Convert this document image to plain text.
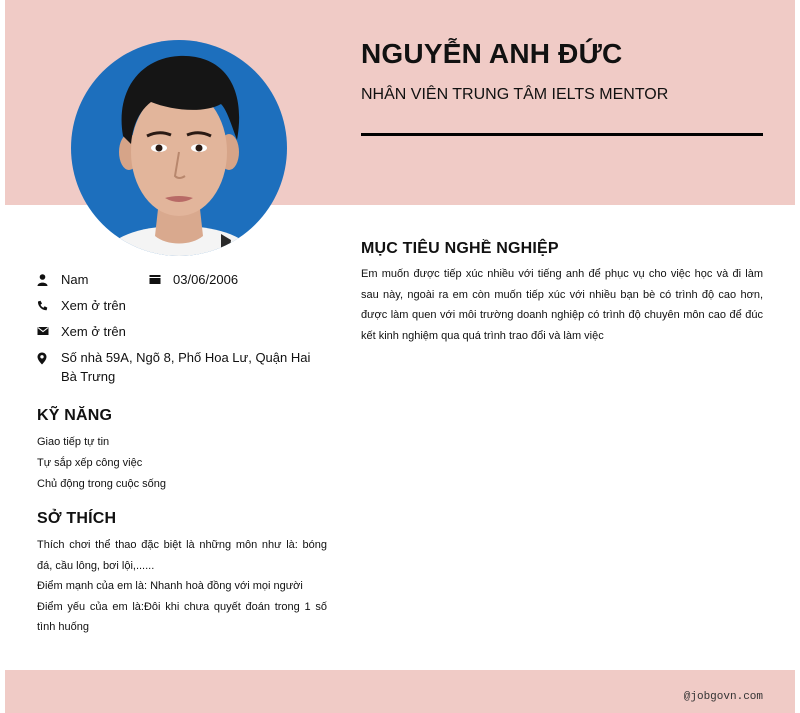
NGUYỄN ANH ĐỨC
NHÂN VIÊN TRUNG TÂM IELTS MENTOR
Nam	03/06/2006
Xem ở trên
Xem ở trên
Số nhà 59A, Ngõ 8, Phố Hoa Lư, Quận Hai Bà Trưng
KỸ NĂNG
Giao tiếp tự tin
Tự sắp xếp công việc
Chủ động trong cuộc sống
SỞ THÍCH
Thích chơi thể thao đặc biệt là những môn như là: bóng đá, cầu lông, bơi lội,......
Điểm mạnh của em là: Nhanh hoà đồng với mọi người
Điểm yếu của em là:Đôi khi chưa quyết đoán trong 1 số tình huống
MỤC TIÊU NGHỀ NGHIỆP
Em muốn được tiếp xúc nhiều với tiếng anh để phục vụ cho việc học và đi làm sau này, ngoài ra em còn muốn tiếp xúc với nhiều bạn bè có trình độ cao hơn, được làm quen với môi trường doanh nghiệp có trình độ chuyên môn cao để đúc kết kinh nghiệm qua quá trình trao đổi và làm việc
@jobgovn.com
